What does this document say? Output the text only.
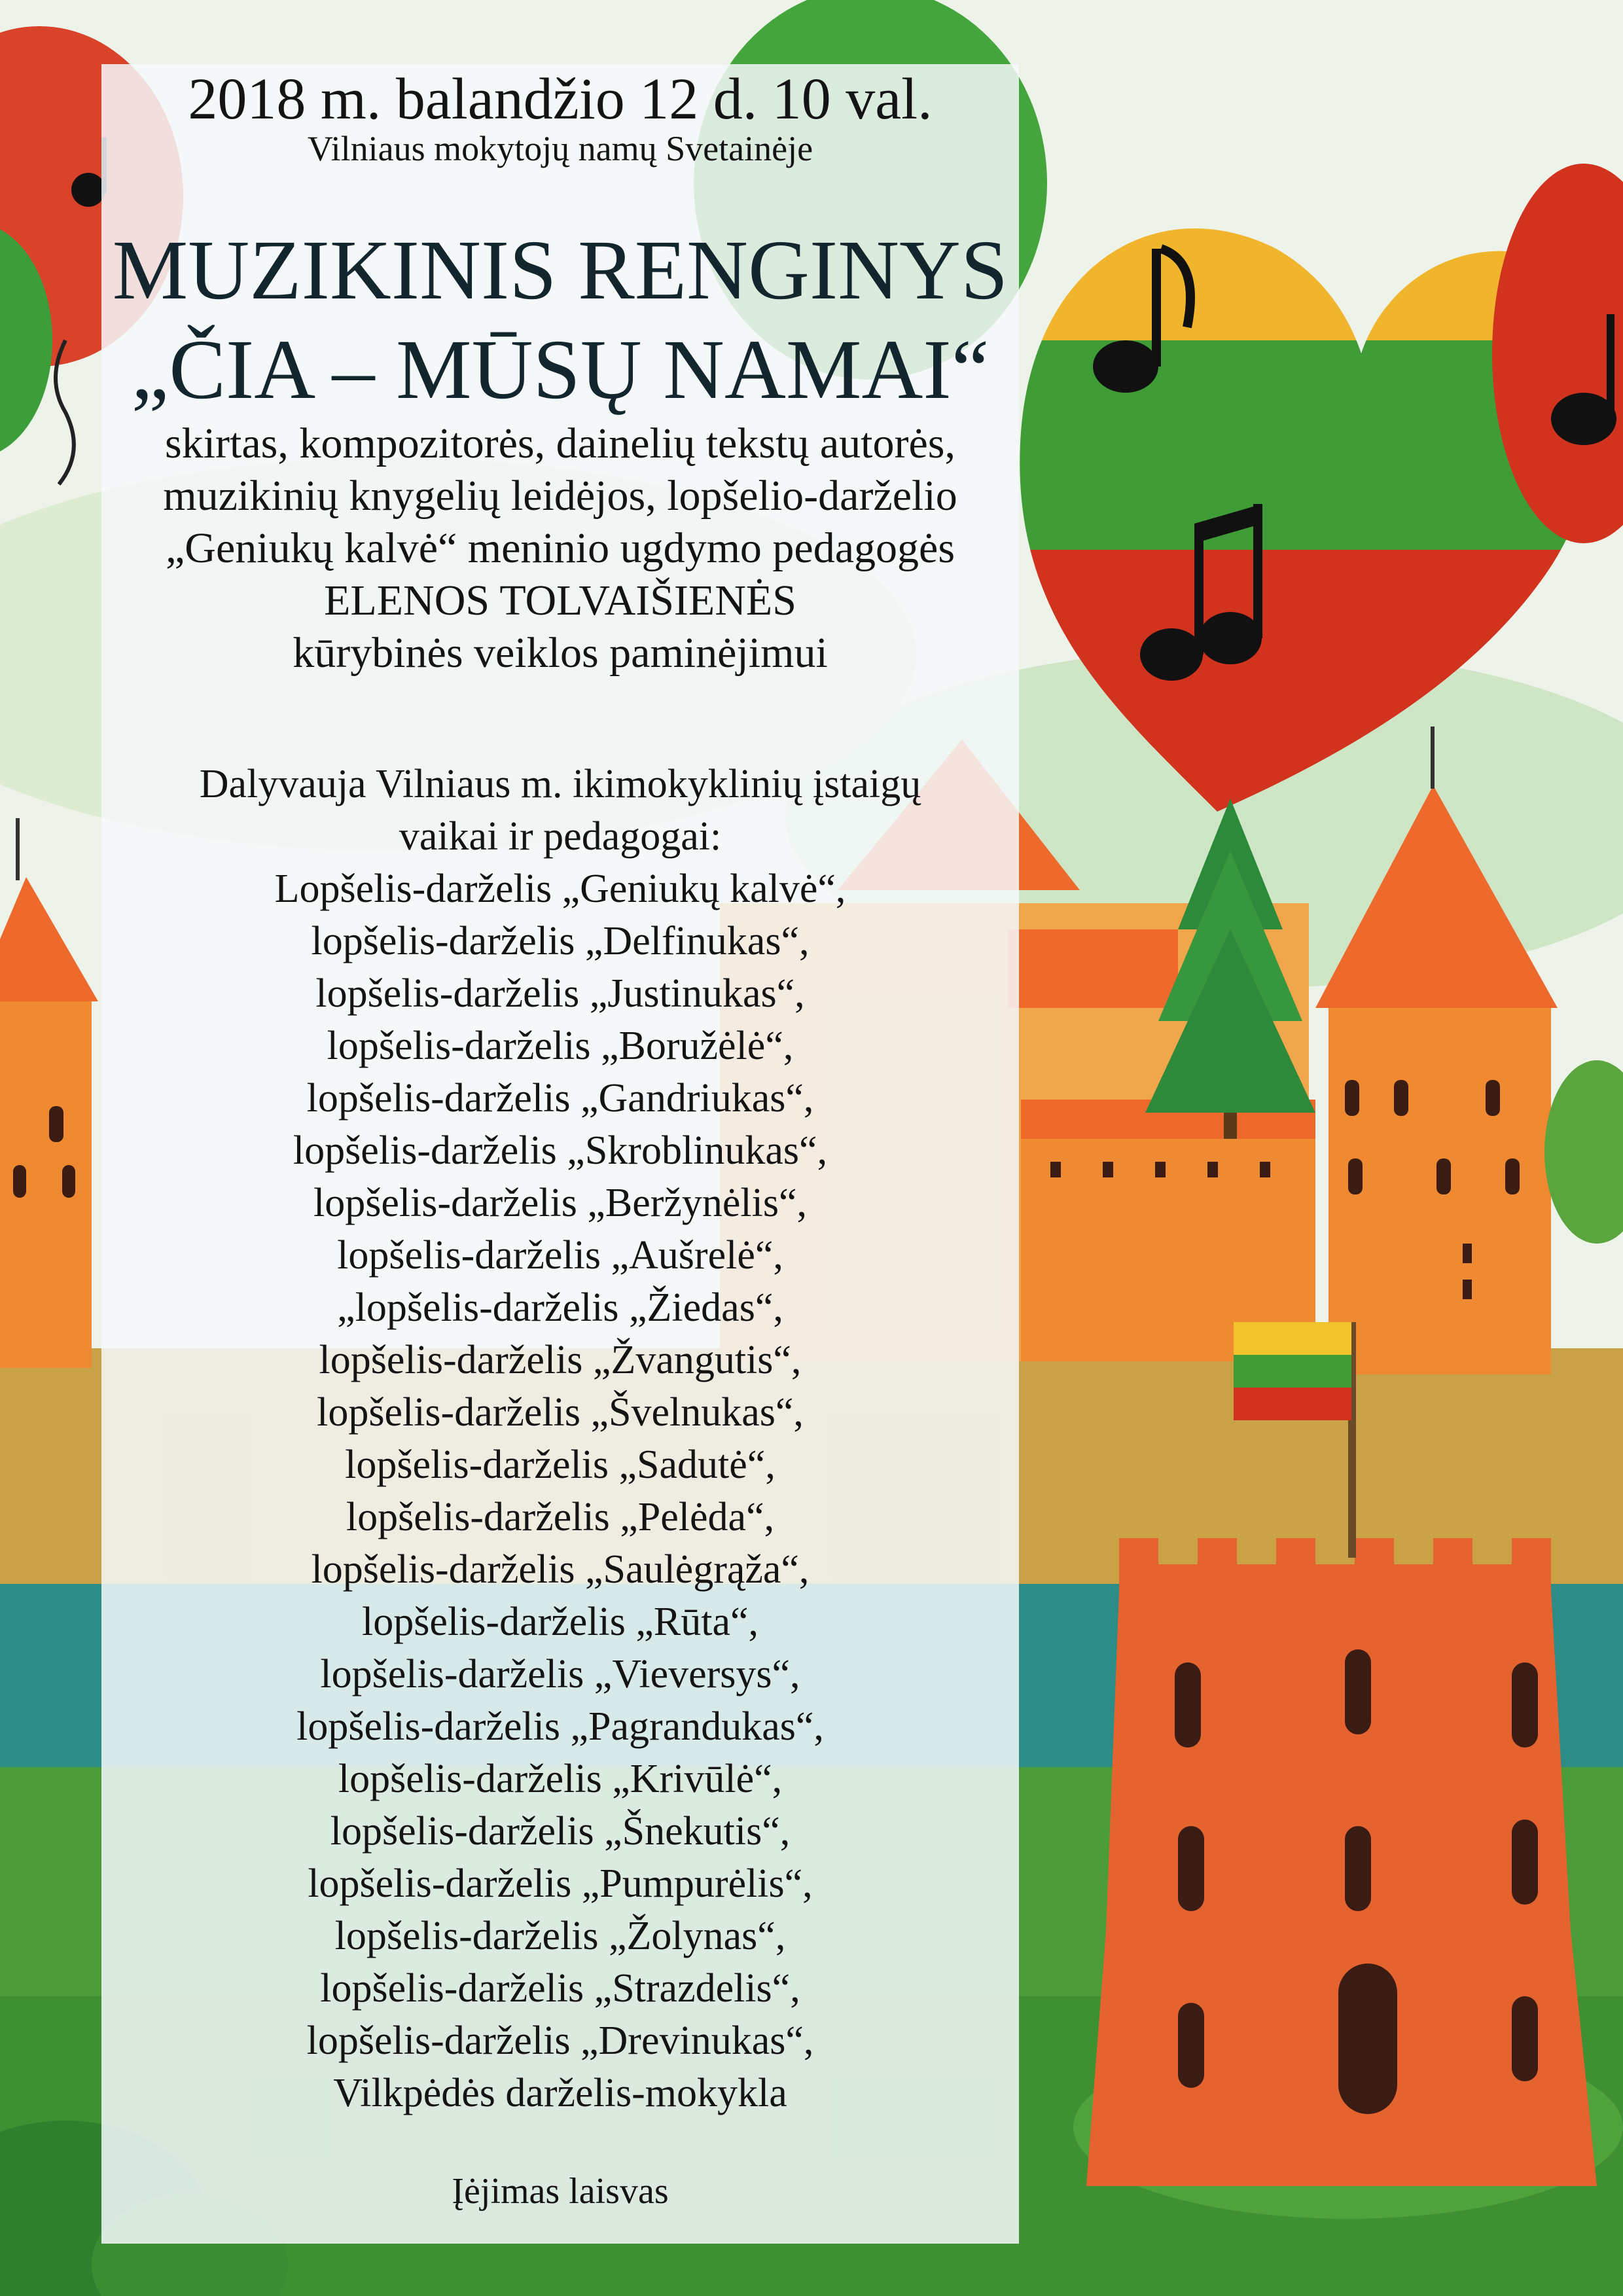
2018 m. balandžio 12 d. 10 val.
Vilniaus mokytojų namų Svetainėje
MUZIKINIS RENGINYS
„ČIA – MŪSŲ NAMAI“
skirtas, kompozitorės, dainelių tekstų autorės,
muzikinių knygelių leidėjos, lopšelio-darželio
„Geniukų kalvė“ meninio ugdymo pedagogės
ELENOS TOLVAIŠIENĖS
kūrybinės veiklos paminėjimui
Dalyvauja Vilniaus m. ikimokyklinių įstaigų
vaikai ir pedagogai:
Lopšelis-darželis „Geniukų kalvė“,
lopšelis-darželis „Delfinukas“,
lopšelis-darželis „Justinukas“,
lopšelis-darželis „Boružėlė“,
lopšelis-darželis „Gandriukas“,
lopšelis-darželis „Skroblinukas“,
lopšelis-darželis „Beržynėlis“,
lopšelis-darželis „Aušrelė“,
„lopšelis-darželis „Žiedas“,
lopšelis-darželis „Žvangutis“,
lopšelis-darželis „Švelnukas“,
lopšelis-darželis „Sadutė“,
lopšelis-darželis „Pelėda“,
lopšelis-darželis „Saulėgrąža“,
lopšelis-darželis „Rūta“,
lopšelis-darželis „Vieversys“,
lopšelis-darželis „Pagrandukas“,
lopšelis-darželis „Krivūlė“,
lopšelis-darželis „Šnekutis“,
lopšelis-darželis „Pumpurėlis“,
lopšelis-darželis „Žolynas“,
lopšelis-darželis „Strazdelis“,
lopšelis-darželis „Drevinukas“,
Vilkpėdės darželis-mokykla
Įėjimas laisvas
